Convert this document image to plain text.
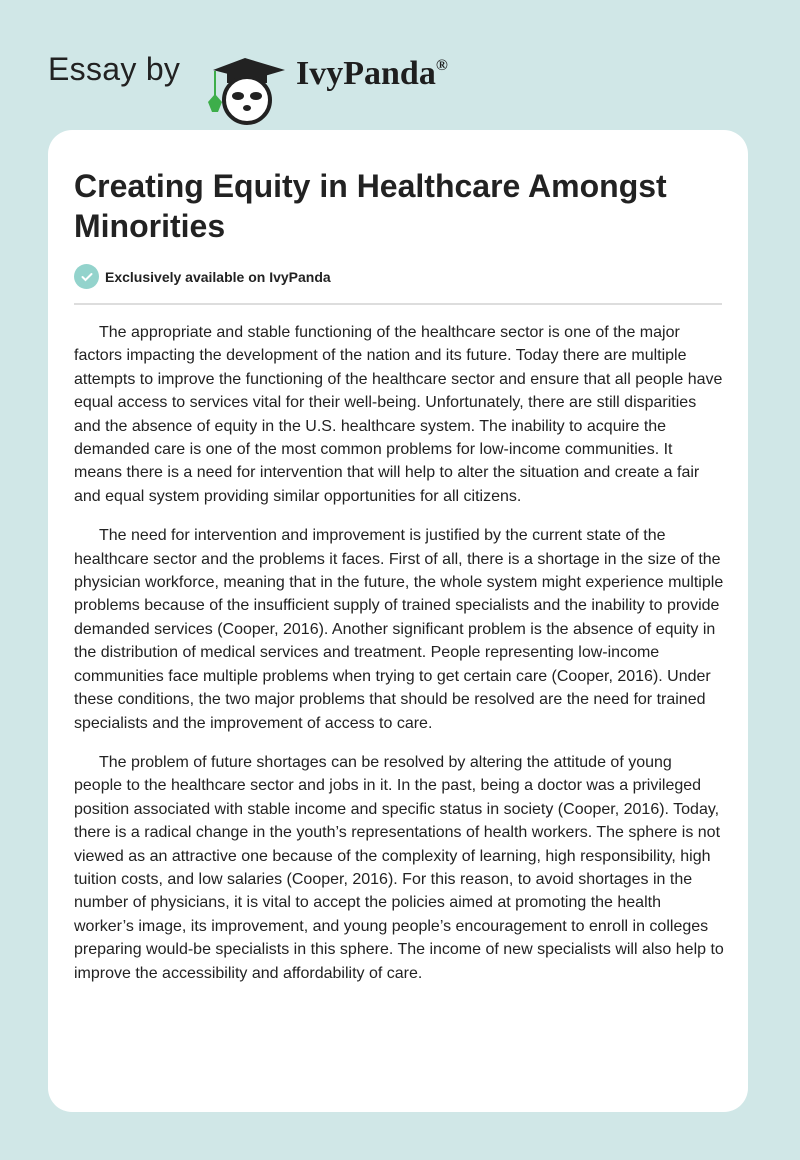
Essay by	IvyPanda®
Creating Equity in Healthcare Amongst Minorities
Exclusively available on IvyPanda

The appropriate and stable functioning of the healthcare sector is one of the major factors impacting the development of the nation and its future. Today there are multiple attempts to improve the functioning of the healthcare sector and ensure that all people have equal access to services vital for their well-being. Unfortunately, there are still disparities and the absence of equity in the U.S. healthcare system. The inability to acquire the demanded care is one of the most common problems for low-income communities. It means there is a need for intervention that will help to alter the situation and create a fair and equal system providing similar opportunities for all citizens.

The need for intervention and improvement is justified by the current state of the healthcare sector and the problems it faces. First of all, there is a shortage in the size of the physician workforce, meaning that in the future, the whole system might experience multiple problems because of the insufficient supply of trained specialists and the inability to provide demanded services (Cooper, 2016). Another significant problem is the absence of equity in the distribution of medical services and treatment. People representing low-income communities face multiple problems when trying to get certain care (Cooper, 2016). Under these conditions, the two major problems that should be resolved are the need for trained specialists and the improvement of access to care.

The problem of future shortages can be resolved by altering the attitude of young people to the healthcare sector and jobs in it. In the past, being a doctor was a privileged position associated with stable income and specific status in society (Cooper, 2016). Today, there is a radical change in the youth’s representations of health workers. The sphere is not viewed as an attractive one because of the complexity of learning, high responsibility, high tuition costs, and low salaries (Cooper, 2016). For this reason, to avoid shortages in the number of physicians, it is vital to accept the policies aimed at promoting the health worker’s image, its improvement, and young people’s encouragement to enroll in colleges preparing would-be specialists in this sphere. The income of new specialists will also help to improve the accessibility and affordability of care.
